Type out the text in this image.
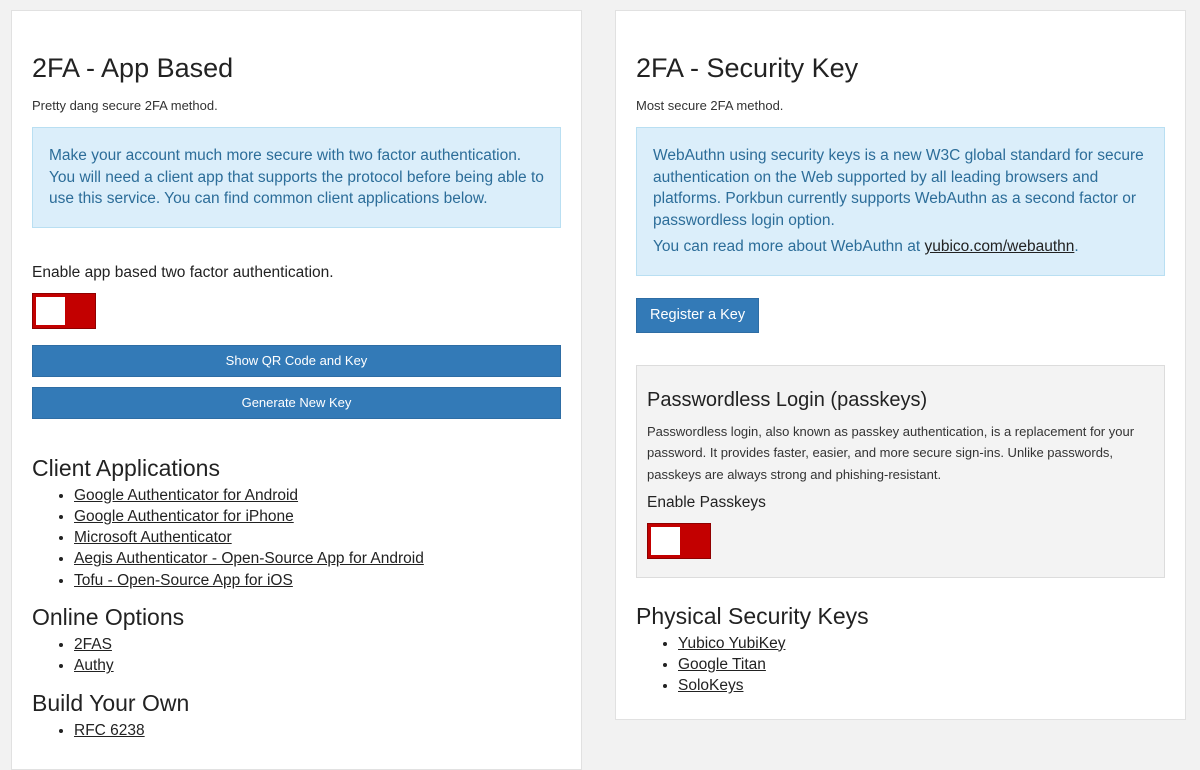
2FA - App Based
Pretty dang secure 2FA method.

Make your account much more secure with two factor authentication. You will need a client app that supports the protocol before being able to use this service. You can find common client applications below.

Enable app based two factor authentication.
Show QR Code and Key
Generate New Key
Client Applications
• Google Authenticator for Android
• Google Authenticator for iPhone
• Microsoft Authenticator
• Aegis Authenticator - Open-Source App for Android
• Tofu - Open-Source App for iOS
Online Options
• 2FAS
• Authy
Build Your Own
• RFC 6238
2FA - Security Key
Most secure 2FA method.

WebAuthn using security keys is a new W3C global standard for secure authentication on the Web supported by all leading browsers and platforms. Porkbun currently supports WebAuthn as a second factor or passwordless login option.

You can read more about WebAuthn at yubico.com/webauthn.

Register a Key
Passwordless Login (passkeys)
Passwordless login, also known as passkey authentication, is a replacement for your password. It provides faster, easier, and more secure sign-ins. Unlike passwords, passkeys are always strong and phishing-resistant.
Enable Passkeys
Physical Security Keys
• Yubico YubiKey
• Google Titan
• SoloKeys
